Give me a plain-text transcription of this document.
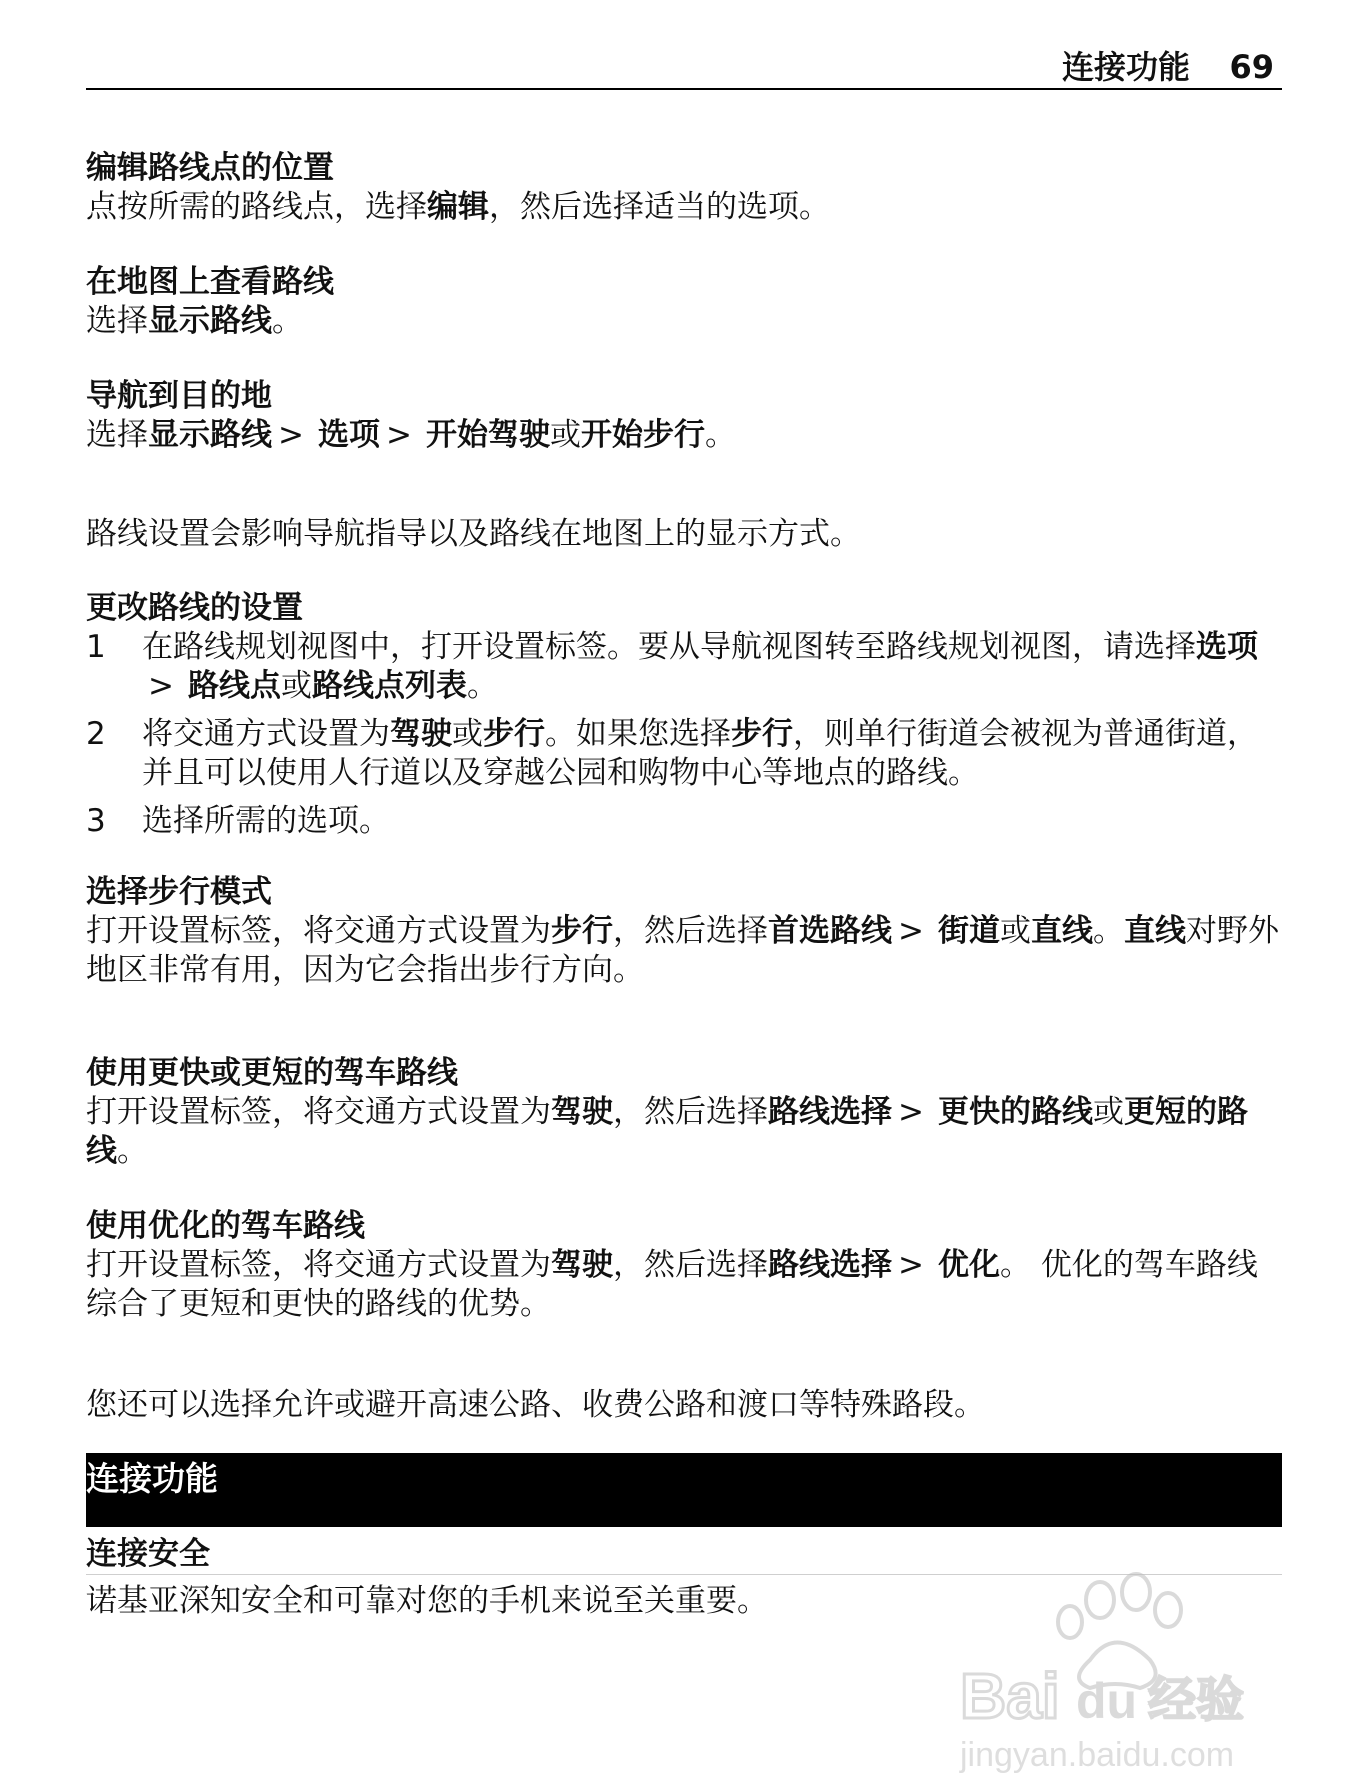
连接功能 69

编辑路线点的位置

点按所需的路线点，选择编辑，然后选择适当的选项。

在地图上查看路线

选择显示路线。

导航到目的地

选择显示路线 > 选项 > 开始驾驶或开始步行。

路线设置会影响导航指导以及路线在地图上的显示方式。

更改路线的设置

1 在路线规划视图中，打开设置标签。要从导航视图转至路线规划视图，请选择选项> 路线点或路线点列表。
2 将交通方式设置为驾驶或步行。如果您选择步行，则单行街道会被视为普通街道，并且可以使用人行道以及穿越公园和购物中心等地点的路线。
3 选择所需的选项。

选择步行模式

打开设置标签，将交通方式设置为步行，然后选择首选路线 > 街道或直线。直线对野外地区非常有用，因为它会指出步行方向。

使用更快或更短的驾车路线

打开设置标签，将交通方式设置为驾驶，然后选择路线选择 > 更快的路线或更短的路线。

使用优化的驾车路线

打开设置标签，将交通方式设置为驾驶，然后选择路线选择 > 优化。 优化的驾车路线综合了更短和更快的路线的优势。

您还可以选择允许或避开高速公路、收费公路和渡口等特殊路段。

连接功能

连接安全

诺基亚深知安全和可靠对您的手机来说至关重要。

Bai du 经验
jingyan.baidu.com
